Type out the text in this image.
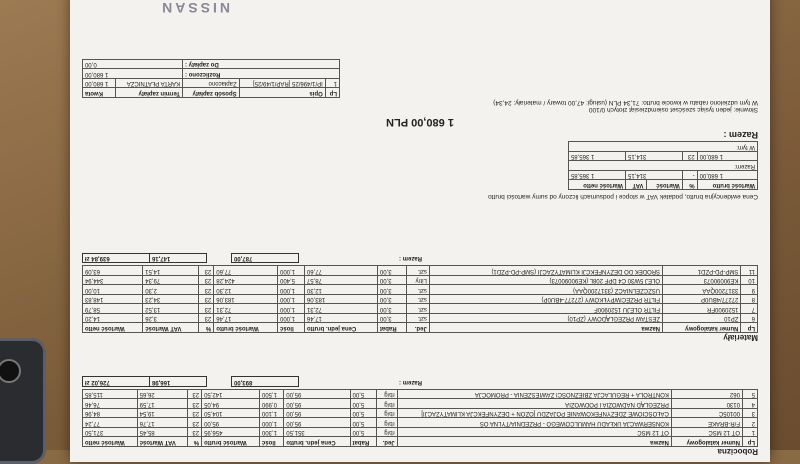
Robocizna
Lp	Numer katalogowy	Nazwa	Jed.	Rabat	Cena jedn. brutto	Ilość	Wartość brutto	%	VAT Wartość	Wartość netto
1	OT 12 MSC	OT 12 MSC	rb/g	5,00	351,50	1,300	456,95	23	85,45	371,50
2	F/R-BRAKE	KONSERWACJA UKŁADU HAMULCOWEGO - PRZEDNIA/TYLNA OŚ	rb/g	5,00	95,00	1,000	95,00	23	17,76	77,24
3	00105C	CAŁOŚCIOWE ZDEZYNFEKOWANIE POJAZDU [OZON + DEZYNFEKCJA KLIMATYZACJI]	rb/g	5,00	95,00	1,100	104,50	23	19,54	84,96
4	0130	PRZEGLĄD NADWOZIA I PODWOZIA	rb/g	5,00	95,00	0,990	94,05	23	17,59	76,46
5	062	KONTROLA + REGULACJA ZBIEŻNOŚCI ZAWIESZENIA - PROMOCJA	rb/g	5,00	95,00	1,500	142,50	23	26,65	115,85
	Razem :	893,00		166,98	726,02 zł
Materiały
Lp	Numer katalogowy	Nazwa	Jed.	Rabat	Cena jedn. brutto	Ilość	Wartość brutto	%	VAT Wartość	Wartość netto
6	ZP10	ZESTAW PRZEGLĄDOWY (ZP10)	szt.	3,00	17,46	1,000	17,46	23	3,26	14,20
7	1520900FR	FILTR OLEJU 1520900F	szt.	3,00	72,31	1,000	72,31	23	13,52	58,79
8	27277/4BU0P	FILTR PRZECIWPYŁKOWY (27277-4BU0P)	szt.	3,00	183,06	1,000	183,06	23	34,23	148,83
9	3317200QAA	USZCZELNIACZ (3317200QAA)	szt.	3,00	12,30	1,000	12,30	23	2,30	10,00
10	KE90090073	OLEJ 5W30 C4 DPF 208L (KE90090073)	Litry	3,00	78,57	5,400	424,28	23	79,34	344,94
11	SMP-PD-PZD1	ŚRODEK DO DEZYNFEKCJI KLIMATYZACJI (SMP-PD-PZD1)	szt.	3,00	77,60	1,000	77,60	23	14,51	63,09
	Razem :	787,00		147,16	639,84 zł
Cena ewidencyjna brutto, podatek VAT w stopce i podsumach liczony od sumy wartości brutto
Wartość brutto	%	Wartość	VAT	Wartość netto
1 680,00	-	314,15		1 365,85
Razem:				
1 680,00	23	314,15		1 365,85
W tym:				
Razem :
1 680,00 PLN
Słownie: jeden tysiąc sześćset osiemdziesiąt złotych 0/100
W tym udzielono rabatu w kwocie brutto: 71,34 PLN (usługi: 47,00 towary / materiały: 24,34)
Lp	Opis	Sposób zapłaty	Termin zapłaty	Kwota
1	IP/1/496/25 [RAP/1/49/25]	Zapłacono	KARTA PŁATNICZA	1 680,00
Rozliczono :			1 680,00	
Do zapłaty :			0,00	
NISSAN
